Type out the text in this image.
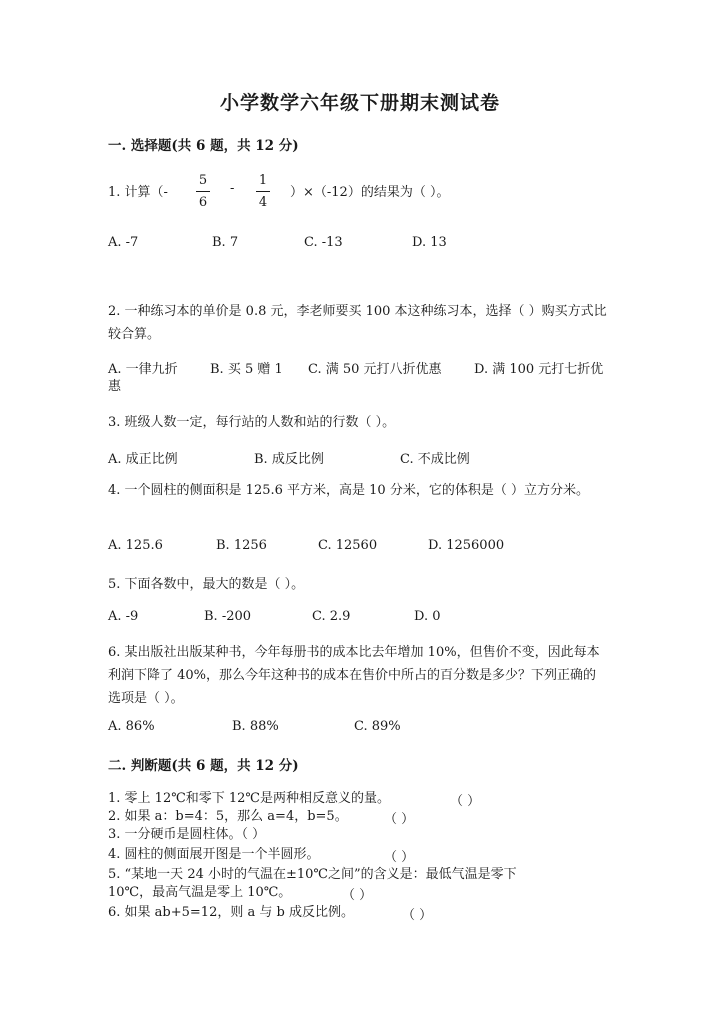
小学数学六年级下册期末测试卷
一. 选择题(共 6 题，共 12 分)
1. 计算（-
5
6
-
1
4
）×（-12）的结果为（ ）。
A. -7	B. 7	C. -13	D. 13
2. 一种练习本的单价是 0.8 元，李老师要买 100 本这种练习本，选择（ ）购买方式比较合算。
A. 一律九折 B. 买 5 赠 1 C. 满 50 元打八折优惠 D. 满 100 元打七折优
惠
3. 班级人数一定，每行站的人数和站的行数（ ）。
A. 成正比例	B. 成反比例	C. 不成比例
4. 一个圆柱的侧面积是 125.6 平方米，高是 10 分米，它的体积是（ ）立方分米。
A. 125.6	B. 1256	C. 12560	D. 1256000
5. 下面各数中，最大的数是（ ）。
A. -9	B. -200	C. 2.9	D. 0
6. 某出版社出版某种书，今年每册书的成本比去年增加 10%，但售价不变，因此每本利润下降了 40%，那么今年这种书的成本在售价中所占的百分数是多少？下列正确的选项是（ ）。
A. 86%	B. 88%	C. 89%
二. 判断题(共 6 题，共 12 分)
1. 零上 12℃和零下 12℃是两种相反意义的量。	（ ）
2. 如果 a：b=4：5，那么 a=4，b=5。	（ ）
3. 一分硬币是圆柱体。（ ）
4. 圆柱的侧面展开图是一个半圆形。	（ ）
5. “某地一天 24 小时的气温在±10℃之间”的含义是：最低气温是零下
10℃，最高气温是零上 10℃。	（ ）
6. 如果 ab+5=12，则 a 与 b 成反比例。	（ ）
